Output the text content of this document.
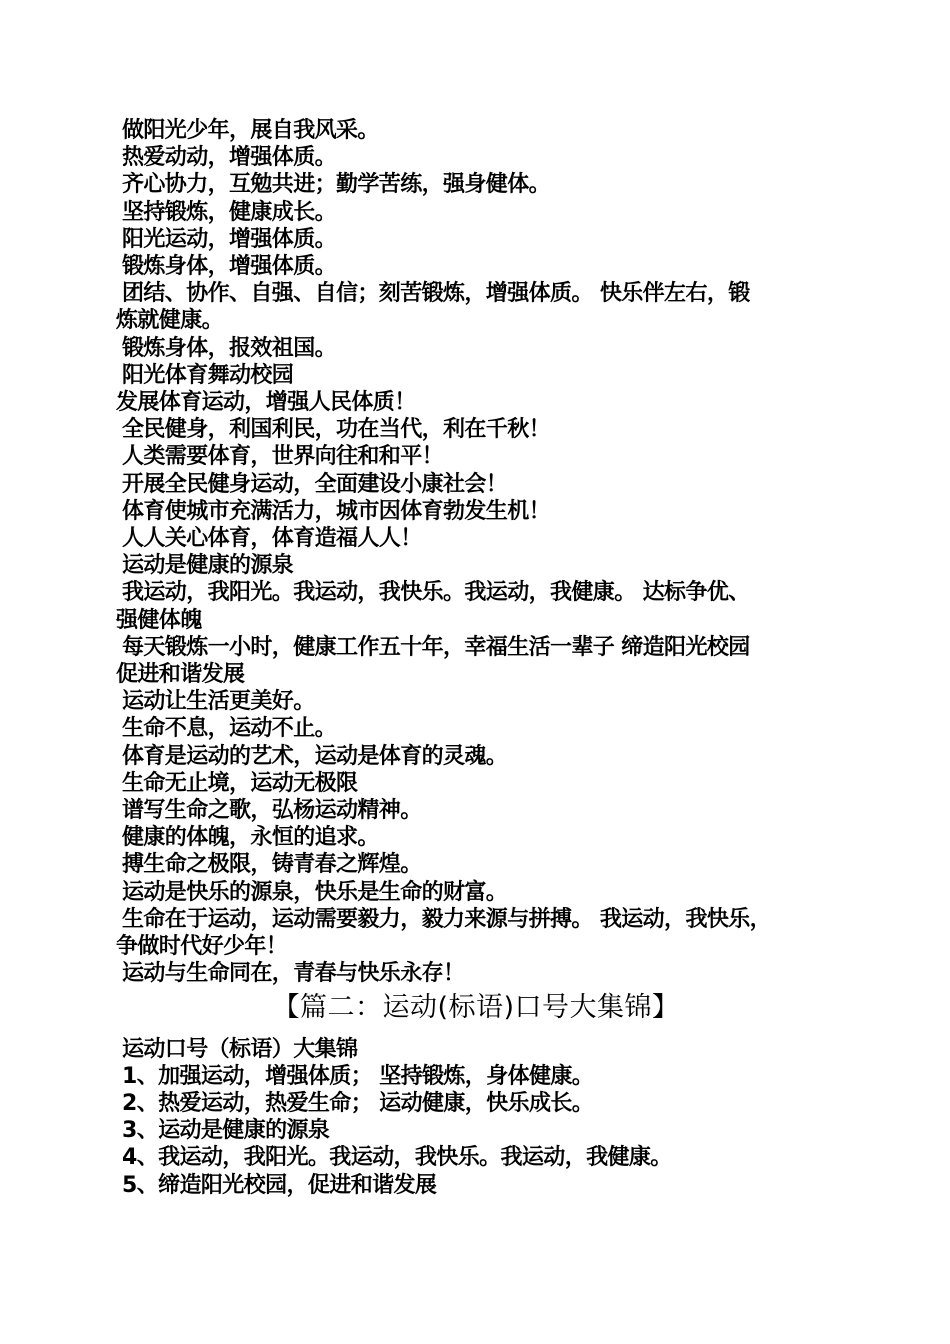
做阳光少年，展自我风采。
热爱动动，增强体质。
齐心协力，互勉共进；勤学苦练，强身健体。
坚持锻炼，健康成长。
阳光运动，增强体质。
锻炼身体，增强体质。
团结、协作、自强、自信；刻苦锻炼，增强体质。 快乐伴左右，锻
炼就健康。
锻炼身体，报效祖国。
阳光体育舞动校园
发展体育运动，增强人民体质！
全民健身，利国利民，功在当代，利在千秋！
人类需要体育，世界向往和和平！
开展全民健身运动，全面建设小康社会！
体育使城市充满活力，城市因体育勃发生机！
人人关心体育，体育造福人人！
运动是健康的源泉
我运动，我阳光。我运动，我快乐。我运动，我健康。 达标争优、
强健体魄
每天锻炼一小时，健康工作五十年，幸福生活一辈子 缔造阳光校园
促进和谐发展
运动让生活更美好。
生命不息，运动不止。
体育是运动的艺术，运动是体育的灵魂。
生命无止境，运动无极限
谱写生命之歌，弘杨运动精神。
健康的体魄，永恒的追求。
搏生命之极限，铸青春之辉煌。
运动是快乐的源泉，快乐是生命的财富。
生命在于运动，运动需要毅力，毅力来源与拼搏。 我运动，我快乐，
争做时代好少年！
运动与生命同在，青春与快乐永存！
【篇二：运动(标语)口号大集锦】
运动口号（标语）大集锦
1、加强运动，增强体质； 坚持锻炼，身体健康。
2、热爱运动，热爱生命； 运动健康，快乐成长。
3、运动是健康的源泉
4、我运动，我阳光。我运动，我快乐。我运动，我健康。
5、缔造阳光校园，促进和谐发展
